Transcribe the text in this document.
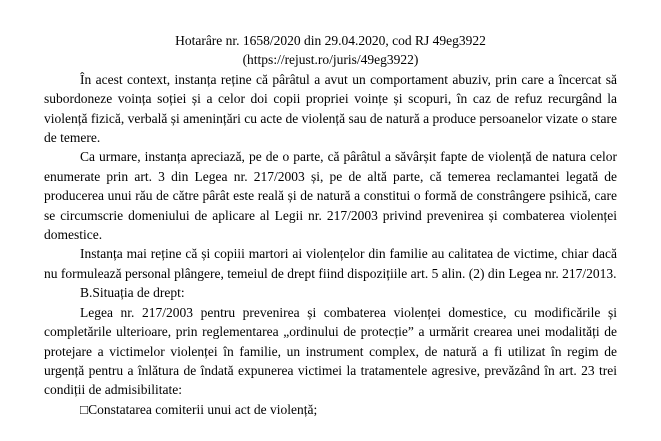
Hotarâre nr. 1658/2020 din 29.04.2020, cod RJ 49eg3922
(https://rejust.ro/juris/49eg3922)

În acest context, instanța reține că pârâtul a avut un comportament abuziv, prin care a încercat să subordoneze voința soției și a celor doi copii propriei voințe și scopuri, în caz de refuz recurgând la violență fizică, verbală și amenințări cu acte de violență sau de natură a produce persoanelor vizate o stare de temere.

Ca urmare, instanța apreciază, pe de o parte, că pârâtul a săvârșit fapte de violență de natura celor enumerate prin art. 3 din Legea nr. 217/2003 și, pe de altă parte, că temerea reclamantei legată de producerea unui rău de către pârât este reală și de natură a constitui o formă de constrângere psihică, care se circumscrie domeniului de aplicare al Legii nr. 217/2003 privind prevenirea și combaterea violenței domestice.

Instanța mai reține că și copiii martori ai violențelor din familie au calitatea de victime, chiar dacă nu formulează personal plângere, temeiul de drept fiind dispozițiile art. 5 alin. (2) din Legea nr. 217/2013.

B.Situația de drept:

Legea nr. 217/2003 pentru prevenirea și combaterea violenței domestice, cu modificările și completările ulterioare, prin reglementarea „ordinului de protecție” a urmărit crearea unei modalități de protejare a victimelor violenței în familie, un instrument complex, de natură a fi utilizat în regim de urgență pentru a înlătura de îndată expunerea victimei la tratamentele agresive, prevăzând în art. 23 trei condiții de admisibilitate:

□Constatarea comiterii unui act de violență;
